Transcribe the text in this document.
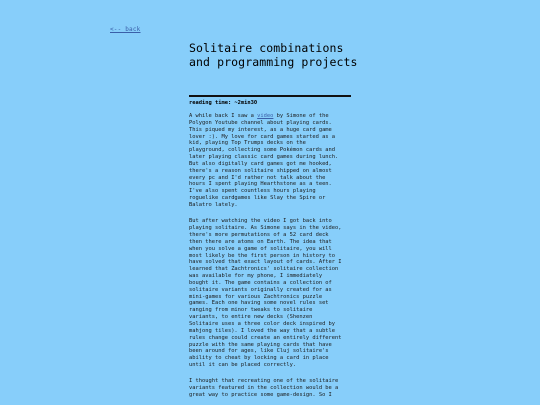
<-- back
Solitaire combinations and programming projects
reading time: ~2min30

A while back I saw a video by Simone of the
Polygon Youtube channel about playing cards.
This piqued my interest, as a huge card game
lover :). My love for card games started as a
kid, playing Top Trumps decks on the
playground, collecting some Pokémon cards and
later playing classic card games during lunch.
But also digitally card games got me hooked,
there's a reason solitaire shipped on almost
every pc and I'd rather not talk about the
hours I spent playing Hearthstone as a teen.
I've also spent countless hours playing
roguelike cardgames like Slay the Spire or
Balatro lately.

But after watching the video I got back into
playing solitaire. As Simone says in the video,
there's more permutations of a 52 card deck
then there are atoms on Earth. The idea that
when you solve a game of solitaire, you will
most likely be the first person in history to
have solved that exact layout of cards. After I
learned that Zachtronics' solitaire collection
was available for my phone, I immediately
bought it. The game contains a collection of
solitaire variants originally created for as
mini-games for various Zachtronics puzzle
games. Each one having some novel rules set
ranging from minor tweaks to solitaire
variants, to entire new decks (Shenzen
Solitaire uses a three color deck inspired by
mahjong tiles). I loved the way that a subtle
rules change could create an entirely different
puzzle with the same playing cards that have
been around for ages, like Cluj solitaire's
ability to cheat by locking a card in place
until it can be placed correctly.

I thought that recreating one of the solitaire
variants featured in the collection would be a
great way to practice some game-design. So I
